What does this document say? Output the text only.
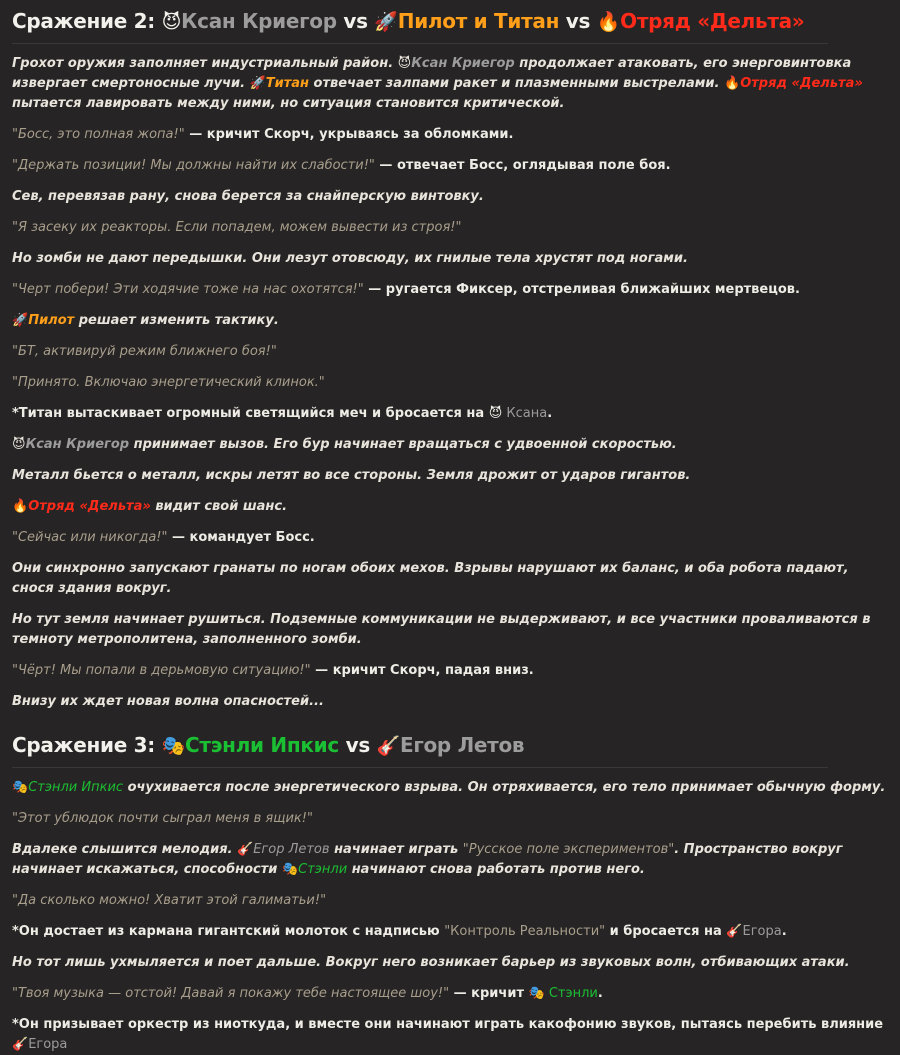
Сражение 2: 😈Ксан Криегор vs 🚀Пилот и Титан vs 🔥Отряд «Дельта»

Грохот оружия заполняет индустриальный район. 😈Ксан Криегор продолжает атаковать, его энерговинтовка извергает смертоносные лучи. 🚀Титан отвечает залпами ракет и плазменными выстрелами. 🔥Отряд «Дельта» пытается лавировать между ними, но ситуация становится критической.

"Босс, это полная жопа!" — кричит Скорч, укрываясь за обломками.

"Держать позиции! Мы должны найти их слабости!" — отвечает Босс, оглядывая поле боя.

Сев, перевязав рану, снова берется за снайперскую винтовку.

"Я засеку их реакторы. Если попадем, можем вывести из строя!"

Но зомби не дают передышки. Они лезут отовсюду, их гнилые тела хрустят под ногами.

"Черт побери! Эти ходячие тоже на нас охотятся!" — ругается Фиксер, отстреливая ближайших мертвецов.

🚀Пилот решает изменить тактику.

"БТ, активируй режим ближнего боя!"

"Принято. Включаю энергетический клинок."

*Титан вытаскивает огромный светящийся меч и бросается на 😈 Ксана.

😈Ксан Криегор принимает вызов. Его бур начинает вращаться с удвоенной скоростью.

Металл бьется о металл, искры летят во все стороны. Земля дрожит от ударов гигантов.

🔥Отряд «Дельта» видит свой шанс.

"Сейчас или никогда!" — командует Босс.

Они синхронно запускают гранаты по ногам обоих мехов. Взрывы нарушают их баланс, и оба робота падают, снося здания вокруг.

Но тут земля начинает рушиться. Подземные коммуникации не выдерживают, и все участники проваливаются в темноту метрополитена, заполненного зомби.

"Чёрт! Мы попали в дерьмовую ситуацию!" — кричит Скорч, падая вниз.

Внизу их ждет новая волна опасностей...

Сражение 3: 🎭Стэнли Ипкис vs 🎸Егор Летов

🎭Стэнли Ипкис очухивается после энергетического взрыва. Он отряхивается, его тело принимает обычную форму.

"Этот ублюдок почти сыграл меня в ящик!"

Вдалеке слышится мелодия. 🎸Егор Летов начинает играть "Русское поле экспериментов". Пространство вокруг начинает искажаться, способности 🎭Стэнли начинают снова работать против него.

"Да сколько можно! Хватит этой галиматьи!"

*Он достает из кармана гигантский молоток с надписью "Контроль Реальности" и бросается на 🎸Егора.

Но тот лишь ухмыляется и поет дальше. Вокруг него возникает барьер из звуковых волн, отбивающих атаки.

"Твоя музыка — отстой! Давай я покажу тебе настоящее шоу!" — кричит 🎭 Стэнли.

*Он призывает оркестр из ниоткуда, и вместе они начинают играть какофонию звуков, пытаясь перебить влияние 🎸Егора
